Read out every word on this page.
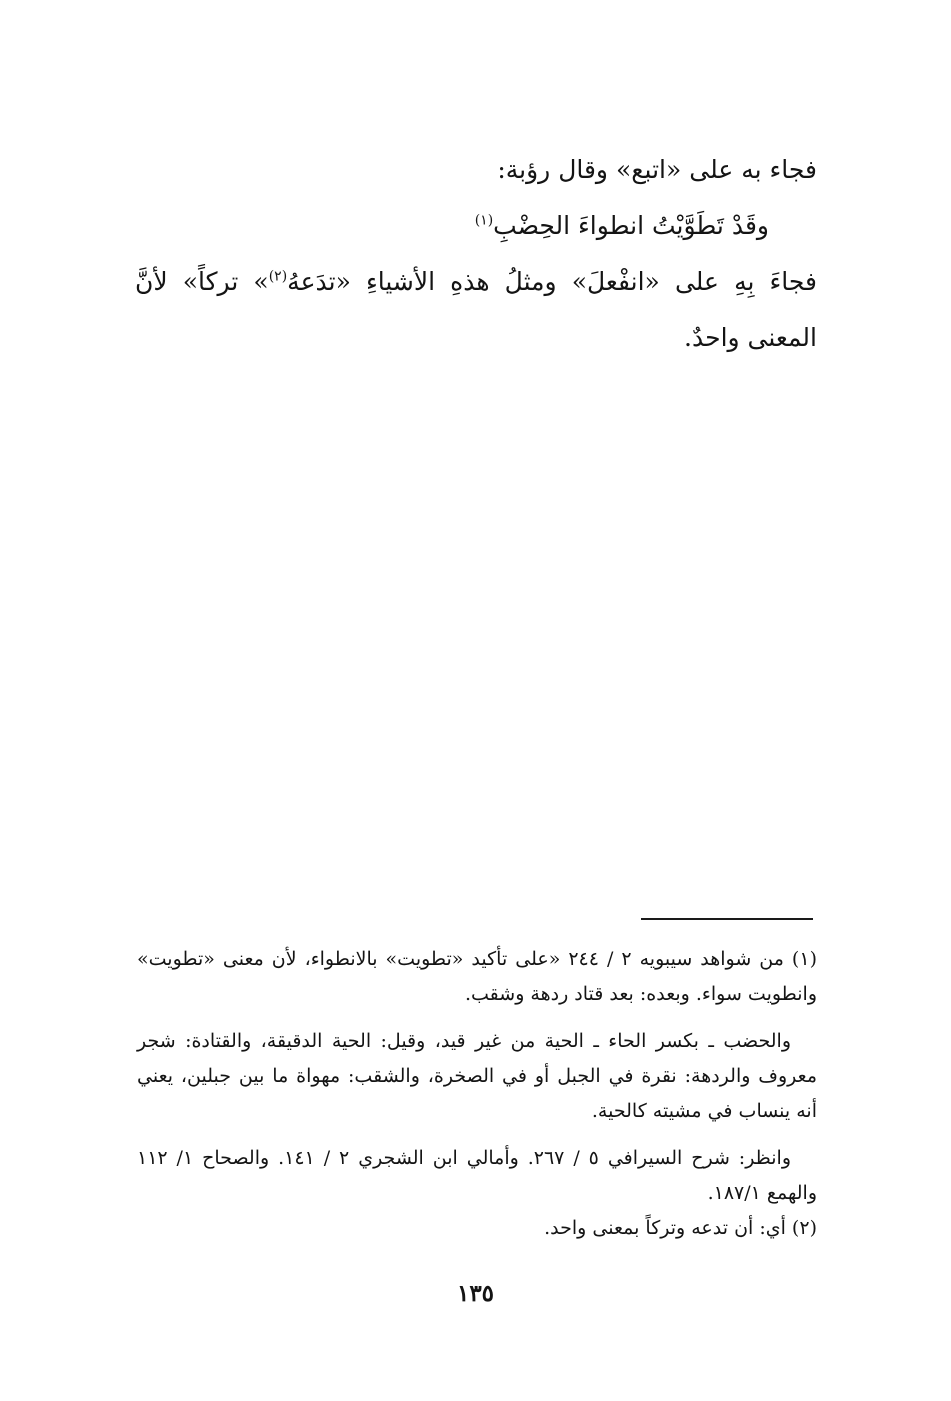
فجاء به على «اتبع» وقال رؤبة:

وقَدْ تَطَوَّيْتُ انطواءَ الحِضْبِ$^{(١)}$

فجاءَ بِهِ على «انفْعلَ» ومثلُ هذهِ الأشياءِ «تدَعهُ$^{(٢)}$» تركاً» لأنَّ المعنى واحدٌ.

(١) من شواهد سيبويه ٢ / ٢٤٤ «على تأكيد «تطويت» بالانطواء، لأن معنى «تطويت» وانطويت سواء. وبعده: بعد قتاد ردهة وشقب.

والحضب ـ بكسر الحاء ـ الحية من غير قيد، وقيل: الحية الدقيقة، والقتادة: شجر معروف والردهة: نقرة في الجبل أو في الصخرة، والشقب: مهواة ما بين جبلين، يعني أنه ينساب في مشيته كالحية.

وانظر: شرح السيرافي ٥ / ٢٦٧. وأمالي ابن الشجري ٢ / ١٤١. والصحاح ١/ ١١٢ والهمع ١٨٧/١.

(٢) أي: أن تدعه وتركاً بمعنى واحد.

١٣٥
